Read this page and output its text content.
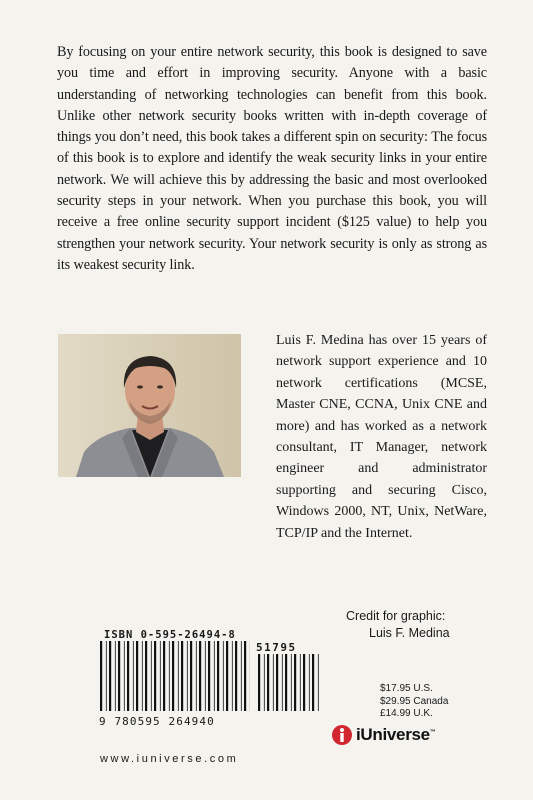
By focusing on your entire network security, this book is designed to save you time and effort in improving security. Anyone with a basic understanding of networking technologies can benefit from this book. Unlike other network security books written with in-depth coverage of things you don’t need, this book takes a different spin on security: The focus of this book is to explore and identify the weak security links in your entire network. We will achieve this by addressing the basic and most overlooked security steps in your network. When you purchase this book, you will receive a free online security support incident ($125 value) to help you strengthen your network security. Your network security is only as strong as its weakest security link.
Luis F. Medina has over 15 years of network support experience and 10 network certifications (MCSE, Master CNE, CCNA, Unix CNE and more) and has worked as a network consultant, IT Manager, network engineer and administrator supporting and securing Cisco, Windows 2000, NT, Unix, NetWare, TCP/IP and the Internet.
Credit for graphic:
Luis F. Medina
ISBN 0-595-26494-8
51795
9 780595 264940
www.iuniverse.com
$17.95 U.S.
$29.95 Canada
£14.99 U.K.
iUniverse™
